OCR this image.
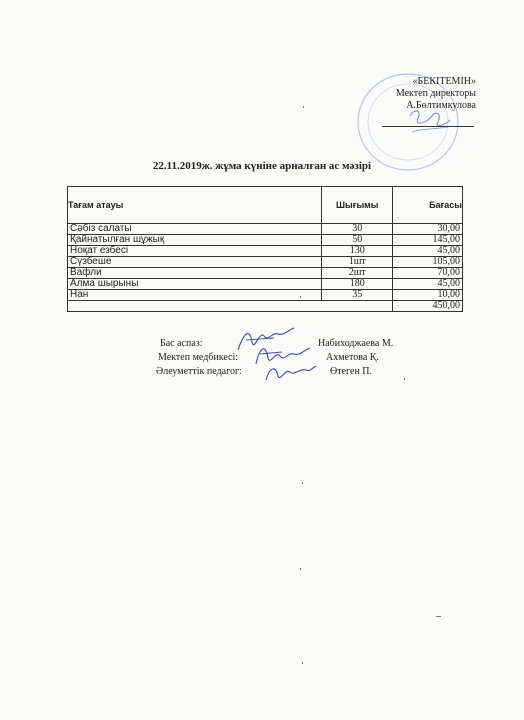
«БЕКІТЕМІН»
Мектеп директоры
А.Бөлтимкулова
22.11.2019ж. жұма күніне арналған ас мәзірі
Тағам атауы	Шығымы	Бағасы
Сәбіз салаты	30	30,00
Қайнатылған шұжық	50	145,00
Ноқат езбесі	130	45,00
Сүзбеше	1шт	105,00
Вафли	2шт	70,00
Алма шырыны	180	45,00
Нан	35	10,00
		450,00
Бас аспаз:	Набиходжаева М.
Мектеп медбикесі:	Ахметова Қ.
Әлеуметтік педагог:	Өтеген П.
